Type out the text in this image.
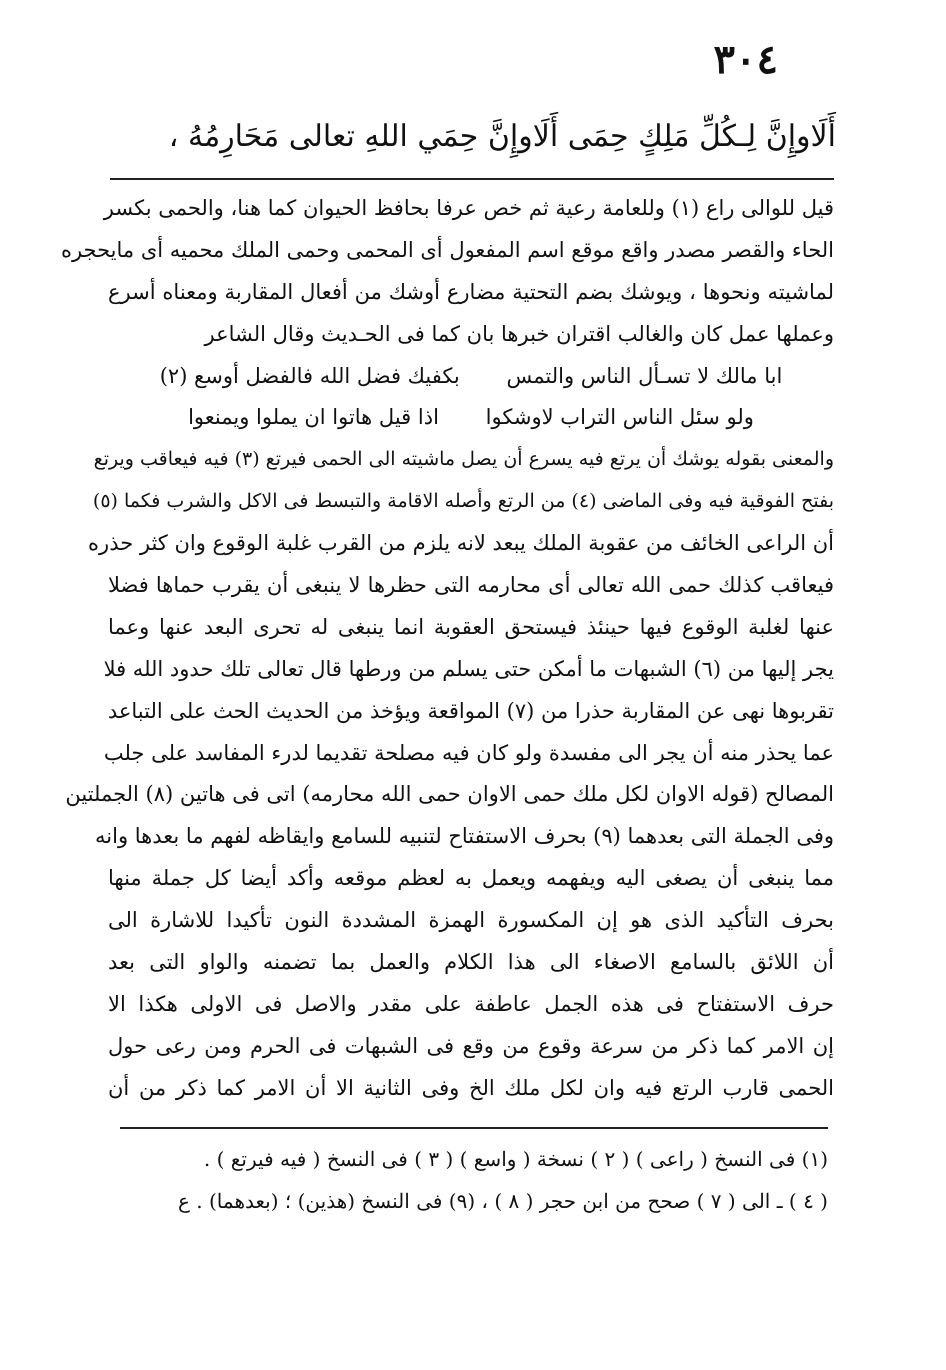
٣٠٤
أَلَاوإِنَّ لِـكُلِّ مَلِكٍ حِمَى أَلَاوإِنَّ حِمَي اللهِ تعالى مَحَارِمُهُ ،
قيل للوالى راع (١) وللعامة رعية ثم خص عرفا بحافظ الحيوان كما هنا، والحمى بكسر
الحاء والقصر مصدر واقع موقع اسم المفعول أى المحمى وحمى الملك محميه أى مايحجره
لماشيته ونحوها ، ويوشك بضم التحتية مضارع أوشك من أفعال المقاربة ومعناه أسرع
وعملها عمل كان والغالب اقتران خبرها بان كما فى الحـديث وقال الشاعر
ابا مالك لا تسـأل الناس والتمس       بكفيك فضل الله فالفضل أوسع (٢)
ولو سئل الناس التراب لاوشكوا       اذا قيل هاتوا ان يملوا ويمنعوا
والمعنى بقوله يوشك أن يرتع فيه يسرع أن يصل ماشيته الى الحمى فيرتع (٣) فيه فيعاقب ويرتع
بفتح الفوقية فيه وفى الماضى (٤) من الرتع وأصله الاقامة والتبسط فى الاكل والشرب فكما (٥)
أن الراعى الخائف من عقوبة الملك يبعد لانه يلزم من القرب غلبة الوقوع وان كثر حذره
فيعاقب كذلك حمى الله تعالى أى محارمه التى حظرها لا ينبغى أن يقرب حماها فضلا
عنها لغلبة الوقوع فيها حينئذ فيستحق العقوبة انما ينبغى له تحرى البعد عنها وعما
يجر إليها من (٦) الشبهات ما أمكن حتى يسلم من ورطها قال تعالى تلك حدود الله فلا
تقربوها نهى عن المقاربة حذرا من (٧) المواقعة ويؤخذ من الحديث الحث على التباعد
عما يحذر منه أن يجر الى مفسدة ولو كان فيه مصلحة تقديما لدرء المفاسد على جلب
المصالح (قوله الاوان لكل ملك حمى الاوان حمى الله محارمه) اتى فى هاتين (٨) الجملتين
وفى الجملة التى بعدهما (٩) بحرف الاستفتاح لتنبيه للسامع وايقاظه لفهم ما بعدها وانه
مما ينبغى أن يصغى اليه ويفهمه ويعمل به لعظم موقعه وأكد أيضا كل جملة منها
بحرف التأكيد الذى هو إن المكسورة الهمزة المشددة النون تأكيدا للاشارة الى
أن اللائق بالسامع الاصغاء الى هذا الكلام والعمل بما تضمنه والواو التى بعد
حرف الاستفتاح فى هذه الجمل عاطفة على مقدر والاصل فى الاولى هكذا الا
إن الامر كما ذكر من سرعة وقوع من وقع فى الشبهات فى الحرم ومن رعى حول
الحمى قارب الرتع فيه وان لكل ملك الخ وفى الثانية الا أن الامر كما ذكر من أن
(١) فى النسخ ( راعى ) ( ٢ ) نسخة ( واسع ) ( ٣ ) فى النسخ ( فيه فيرتع ) .
( ٤ ) ـ الى ( ٧ ) صحح من ابن حجر ( ٨ ) ، (٩) فى النسخ (هذين) ؛ (بعدهما) . ع
